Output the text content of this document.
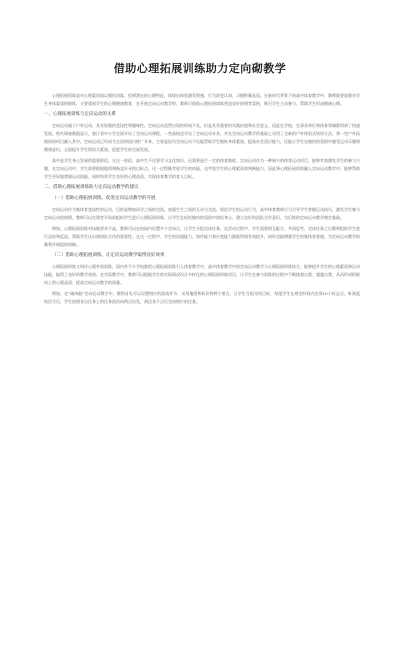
借助心理拓展训练助力定向砌教学

心理拓展训练是对心理素质加以强化训练，找到潜在的心理特征，体现出体验激发情感、行为改变认知、习惯积蓄品质。在新时代背景下的高中体育教学中，教师既要加强对学生身体素质的锻炼，又要重视学生的心理健康教育，在开展定向运动教学时，教师可借助心理拓展训练营造良好的课堂氛围，吸引学生主动参与，帮助学生形成健康心理。

一、心理拓展训练与定向运动的关系

定向运动属于户外运动，具有较强的竞技性和趣味性。定向运动虽然出现的时间不长，但是具有重要的实践价值和社会意义，因此在学校、在事业单位和体育领域都得到了快速发展。相关调查数据显示，独江省中小学全面开设了定向运动课程，一些高校也开设了定向运动专业，并在定向运动教学的基础上采用了全新的户外体验式培训方法，将一些户外拓展培训项目融入其中，定向运动已经成为全国和国内推广开来。主要是因为定向运动不仅能帮助学生锻炼身体素质、提高社会适应能力，还能让学生在愉快的氛围中感受运动乐趣和健康意识，全面提升学生的综合素质，促进学生的全面发展。

高中是学生身心发展的重要阶段。在这一阶段，高中生不仅要学习文化知识，还需要进行一定的体育锻炼。定向运动作为一种新兴的体育运动项目，能够有效激发学生的参与兴趣，在定向运动中，学生需要根据地图和指北针寻找目标点，这一过程既考验学生的体能，也考验学生的心理素质和判断能力，因此将心理拓展训练融入定向运动教学中，能够帮助学生更好地掌握运动技能，同时培养学生良好的心理品质，实现体育教学的育人目标。

二、借助心理拓展训练助力定向运动教学的建议

（一）借助心理拓展训练，促进定向运动教学的开展

定向运动作为集体育竞技性的运动，目的是增加同学之间的交流、加强生生之间的互动与交流，规范学生的运动行为，高中体育教师应当引导学生掌握运动技巧，激发学生参与定向运动的热情。教师可以在课堂开始前组织学生进行心理拓展训练，让学生在轻松愉快的氛围中放松身心，建立良好的团队合作意识，为后续的定向运动教学奠定基础。

例如，心理拓展训练对场地要求不高，教师可以在校园内设置多个定向点，让学生分组完成任务，在活动过程中，学生需要相互配合、共同思考，完成任务之后教师组织学生进行总结和反思，帮助学生认识到团队合作的重要性。在这一过程中，学生的沟通能力、协作能力和应变能力都能得到有效提升，同时也能增强学生的集体荣誉感，为定向运动教学的顺利开展提供保障。

（二）借助心理拓展训练，让定向运动教学取得良好效果

心理拓展训练又叫作心理外展训练，国内外不少学校都把心理拓展训练引入体育教学中，高中体育教学中的定向运动教学与心理拓展训练结合，能够提升学生的心理素质和运动技能，取得了良好的教学效果。在实际教学中，教师可以根据学生的实际情况设计多样化的心理拓展训练项目，让学生在参与训练的过程中不断挑战自我、超越自我，从而形成积极向上的心理品质，提高定向运动教学的质量。

例如，在“破冰船”定向运动教学中，教师首先可以设置相应的游戏环节，采用地图和标识物两个要点，让学生分组寻找目标，每组学生在规定时间内完成10个标志点，听到起始信号后，学生按照各自任务上的任务依次向两点出发，到达各个点后完成相应的任务。
